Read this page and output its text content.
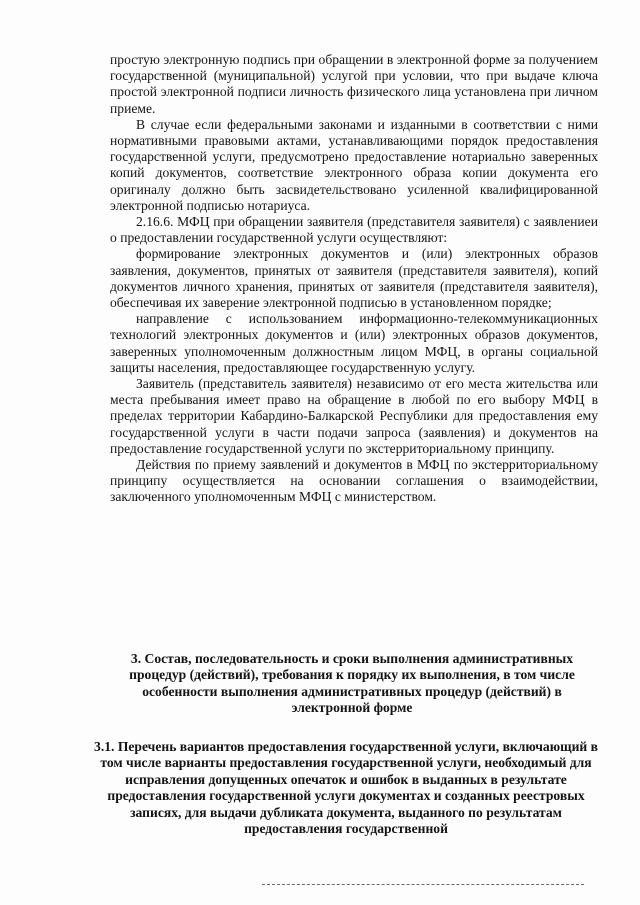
простую электронную подпись при обращении в электронной форме за получением государственной (муниципальной) услугой при условии, что при выдаче ключа простой электронной подписи личность физического лица установлена при личном приеме.

В случае если федеральными законами и изданными в соответствии с ними нормативными правовыми актами, устанавливающими порядок предоставления государственной услуги, предусмотрено предоставление нотариально заверенных копий документов, соответствие электронного образа копии документа его оригиналу должно быть засвидетельствовано усиленной квалифицированной электронной подписью нотариуса.

2.16.6. МФЦ при обращении заявителя (представителя заявителя) с заявлениеи о предоставлении государственной услуги осуществляют:

формирование электронных документов и (или) электронных образов заявления, документов, принятых от заявителя (представителя заявителя), копий документов личного хранения, принятых от заявителя (представителя заявителя), обеспечивая их заверение электронной подписью в установленном порядке;

направление с использованием информационно-телекоммуникационных технологий электронных документов и (или) электронных образов документов, заверенных уполномоченным должностным лицом МФЦ, в органы социальной защиты населения, предоставляющее государственную услугу.

Заявитель (представитель заявителя) независимо от его места жительства или места пребывания имеет право на обращение в любой по его выбору МФЦ в пределах территории Кабардино-Балкарской Республики для предоставления ему государственной услуги в части подачи запроса (заявления) и документов на предоставление государственной услуги по экстерриториальному принципу.

Действия по приему заявлений и документов в МФЦ по экстерриториальному принципу осуществляется на основании соглашения о взаимодействии, заключенного уполномоченным МФЦ с министерством.

3. Состав, последовательность и сроки выполнения административных процедур (действий), требования к порядку их выполнения, в том числе особенности выполнения административных процедур (действий) в электронной форме
3.1. Перечень вариантов предоставления государственной услуги, включающий в том числе варианты предоставления государственной услуги, необходимый для исправления допущенных опечаток и ошибок в выданных в результате предоставления государственной услуги документах и созданных реестровых записях, для выдачи дубликата документа, выданного по результатам предоставления государственной
